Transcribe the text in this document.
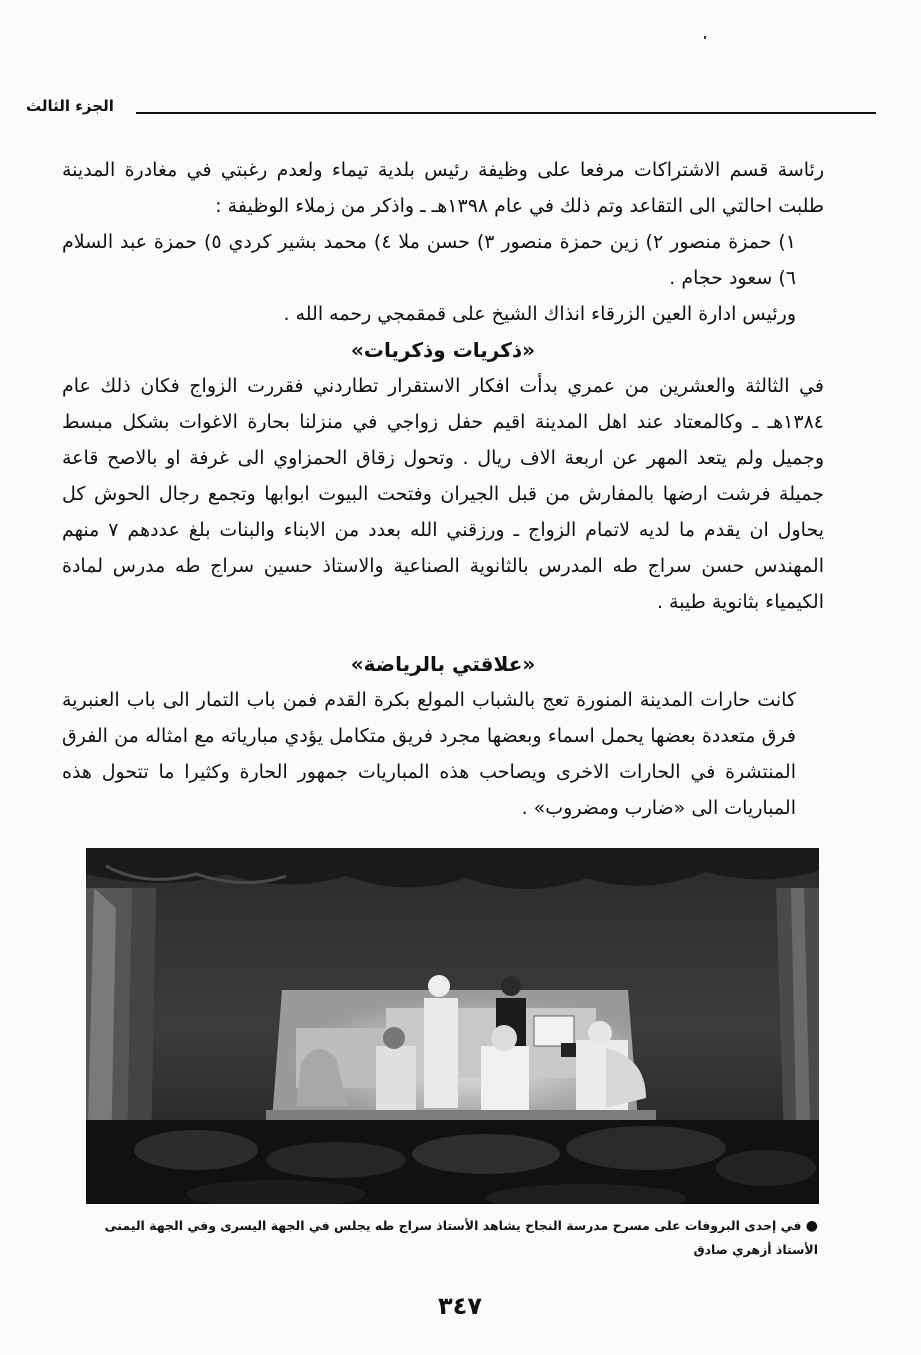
الجزء الثالث

رئاسة قسم الاشتراكات مرفعا على وظيفة رئيس بلدية تيماء ولعدم رغبتي في مغادرة المدينة طلبت احالتي الى التقاعد وتم ذلك في عام ١٣٩٨هـ ـ واذكر من زملاء الوظيفة :

١) حمزة منصور ٢) زين حمزة منصور ٣) حسن ملا ٤) محمد بشير كردي ٥) حمزة عبد السلام ٦) سعود حجام .

ورئيس ادارة العين الزرقاء انذاك الشيخ على قمقمجي رحمه الله .

«ذكريات وذكريات»

في الثالثة والعشرين من عمري بدأت افكار الاستقرار تطاردني فقررت الزواج فكان ذلك عام ١٣٨٤هـ ـ وكالمعتاد عند اهل المدينة اقيم حفل زواجي في منزلنا بحارة الاغوات بشكل مبسط وجميل ولم يتعد المهر عن اربعة الاف ريال . وتحول زقاق الحمزاوي الى غرفة او بالاصح قاعة جميلة فرشت ارضها بالمفارش من قبل الجيران وفتحت البيوت ابوابها وتجمع رجال الحوش كل يحاول ان يقدم ما لديه لاتمام الزواج ـ ورزقني الله بعدد من الابناء والبنات بلغ عددهم ٧ منهم المهندس حسن سراج طه المدرس بالثانوية الصناعية والاستاذ حسين سراج طه مدرس لمادة الكيمياء بثانوية طيبة .

«علاقتي بالرياضة»

كانت حارات المدينة المنورة تعج بالشباب المولع بكرة القدم فمن باب التمار الى باب العنبرية فرق متعددة بعضها يحمل اسماء وبعضها مجرد فريق متكامل يؤدي مبارياته مع امثاله من الفرق المنتشرة في الحارات الاخرى ويصاحب هذه المباريات جمهور الحارة وكثيرا ما تتحول هذه المباريات الى «ضارب ومضروب» .

● في إحدى البروفات على مسرح مدرسة النجاح يشاهد الأستاذ سراج طه يجلس في الجهة اليسرى وفي الجهة اليمنى
الأستاذ أزهري صادق
٣٤٧
